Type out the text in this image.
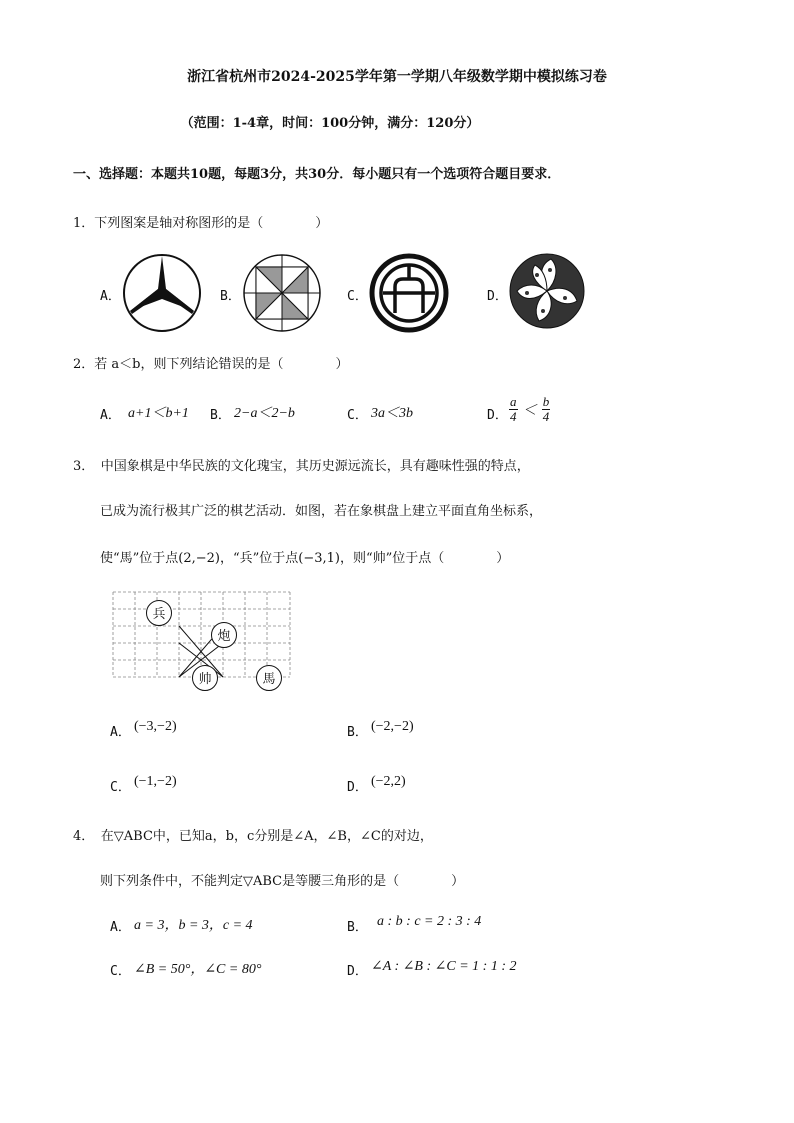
浙江省杭州市2024-2025学年第一学期八年级数学期中模拟练习卷
（范围：1-4章，时间：100分钟，满分：120分）
一、选择题：本题共10题，每题3分，共30分．每小题只有一个选项符合题目要求．
1．下列图案是轴对称图形的是（　　　　）
A．	B．	C．	D．
2．若 a＜b，则下列结论错误的是（　　　　）
A． a+1＜b+1 B． 2−a＜2−b	C． 3a＜3b	D． $\frac{a}{4} < \frac{b}{4}$
3．　中国象棋是中华民族的文化瑰宝，其历史源远流长，具有趣味性强的特点，
已成为流行极其广泛的棋艺活动．如图，若在象棋盘上建立平面直角坐标系，
使“馬”位于点(2,−2)，“兵”位于点(−3,1)，则“帅”位于点（　　　　）
兵
炮
帅	馬
A． (−3,−2)	B． (−2,−2)
C． (−1,−2)	D． (−2,2)
4．　在▽ABC中，已知a，b，c分别是∠A，∠B，∠C的对边，
则下列条件中，不能判定▽ABC是等腰三角形的是（　　　　）
A． a = 3，b = 3，c = 4	B． a : b : c = 2 : 3 : 4
C． ∠B = 50°，∠C = 80°	D． ∠A : ∠B : ∠C = 1 : 1 : 2
